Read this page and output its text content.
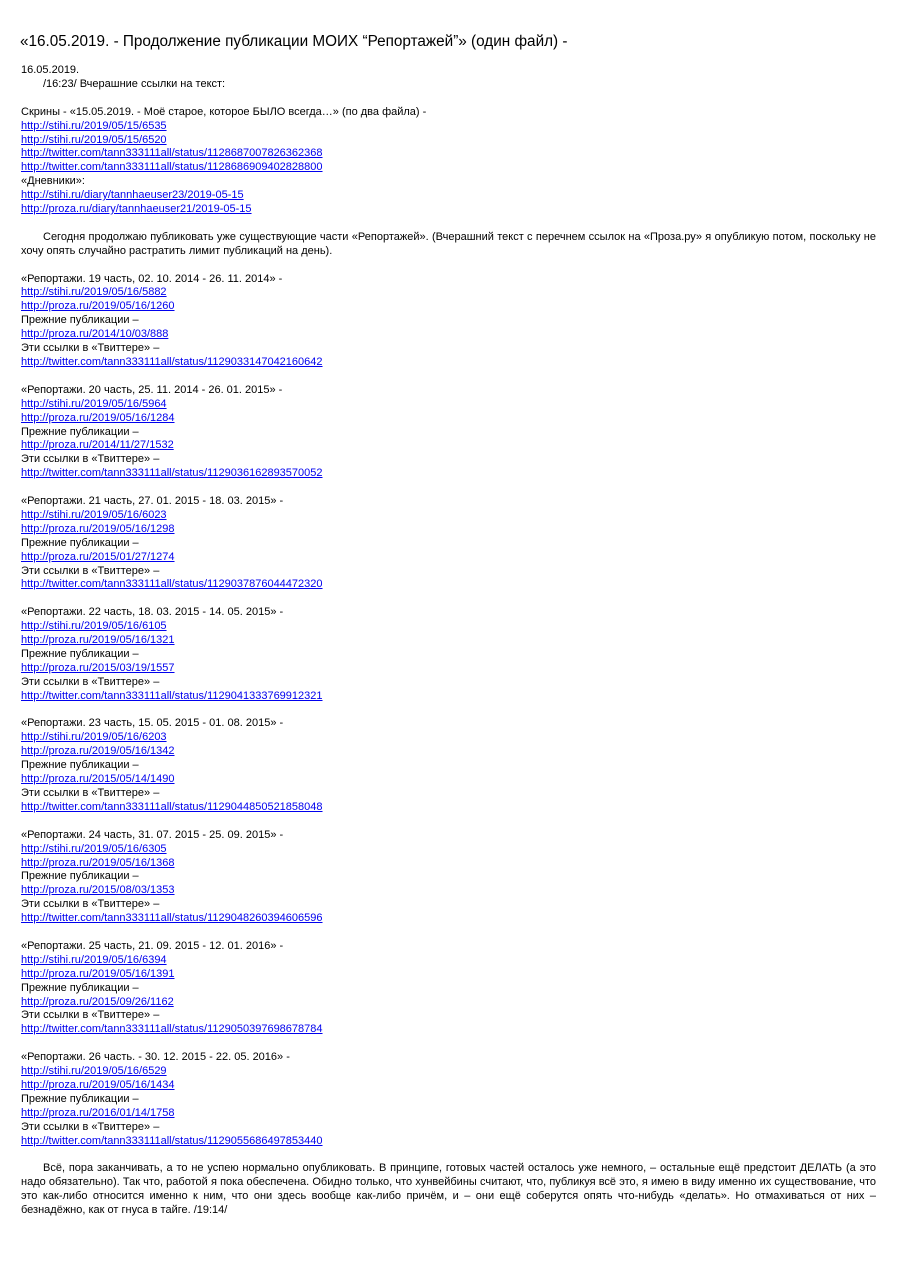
«16.05.2019. - Продолжение публикации МОИХ “Репортажей”» (один файл) -
16.05.2019.
/16:23/ Вчерашние ссылки на текст:
Скрины - «15.05.2019. - Моё старое, которое БЫЛО всегда…» (по два файла) -
http://stihi.ru/2019/05/15/6535
http://stihi.ru/2019/05/15/6520
http://twitter.com/tann333111all/status/1128687007826362368
http://twitter.com/tann333111all/status/1128686909402828800
«Дневники»:
http://stihi.ru/diary/tannhaeuser23/2019-05-15
http://proza.ru/diary/tannhaeuser21/2019-05-15
Сегодня продолжаю публиковать уже существующие части «Репортажей». (Вчерашний текст с перечнем ссылок на «Проза.ру» я опубликую потом, поскольку не хочу опять случайно растратить лимит публикаций на день).
«Репортажи. 19 часть, 02. 10. 2014 - 26. 11. 2014» -
http://stihi.ru/2019/05/16/5882
http://proza.ru/2019/05/16/1260
Прежние публикации –
http://proza.ru/2014/10/03/888
Эти ссылки в «Твиттере» –
http://twitter.com/tann333111all/status/1129033147042160642
«Репортажи. 20 часть, 25. 11. 2014 - 26. 01. 2015» -
http://stihi.ru/2019/05/16/5964
http://proza.ru/2019/05/16/1284
Прежние публикации –
http://proza.ru/2014/11/27/1532
Эти ссылки в «Твиттере» –
http://twitter.com/tann333111all/status/1129036162893570052
«Репортажи. 21 часть, 27. 01. 2015 - 18. 03. 2015» -
http://stihi.ru/2019/05/16/6023
http://proza.ru/2019/05/16/1298
Прежние публикации –
http://proza.ru/2015/01/27/1274
Эти ссылки в «Твиттере» –
http://twitter.com/tann333111all/status/1129037876044472320
«Репортажи. 22 часть, 18. 03. 2015 - 14. 05. 2015» -
http://stihi.ru/2019/05/16/6105
http://proza.ru/2019/05/16/1321
Прежние публикации –
http://proza.ru/2015/03/19/1557
Эти ссылки в «Твиттере» –
http://twitter.com/tann333111all/status/1129041333769912321
«Репортажи. 23 часть, 15. 05. 2015 - 01. 08. 2015» -
http://stihi.ru/2019/05/16/6203
http://proza.ru/2019/05/16/1342
Прежние публикации –
http://proza.ru/2015/05/14/1490
Эти ссылки в «Твиттере» –
http://twitter.com/tann333111all/status/1129044850521858048
«Репортажи. 24 часть, 31. 07. 2015 - 25. 09. 2015» -
http://stihi.ru/2019/05/16/6305
http://proza.ru/2019/05/16/1368
Прежние публикации –
http://proza.ru/2015/08/03/1353
Эти ссылки в «Твиттере» –
http://twitter.com/tann333111all/status/1129048260394606596
«Репортажи. 25 часть, 21. 09. 2015 - 12. 01. 2016» -
http://stihi.ru/2019/05/16/6394
http://proza.ru/2019/05/16/1391
Прежние публикации –
http://proza.ru/2015/09/26/1162
Эти ссылки в «Твиттере» –
http://twitter.com/tann333111all/status/1129050397698678784
«Репортажи. 26 часть. - 30. 12. 2015 - 22. 05. 2016» -
http://stihi.ru/2019/05/16/6529
http://proza.ru/2019/05/16/1434
Прежние публикации –
http://proza.ru/2016/01/14/1758
Эти ссылки в «Твиттере» –
http://twitter.com/tann333111all/status/1129055686497853440
Всё, пора заканчивать, а то не успею нормально опубликовать. В принципе, готовых частей осталось уже немного, – остальные ещё предстоит ДЕЛАТЬ (а это надо обязательно). Так что, работой я пока обеспечена. Обидно только, что хунвейбины считают, что, публикуя всё это, я имею в виду именно их существование, что это как-либо относится именно к ним, что они здесь вообще как-либо причём, и – они ещё соберутся опять что-нибудь «делать». Но отмахиваться от них – безнадёжно, как от гнуса в тайге. /19:14/
